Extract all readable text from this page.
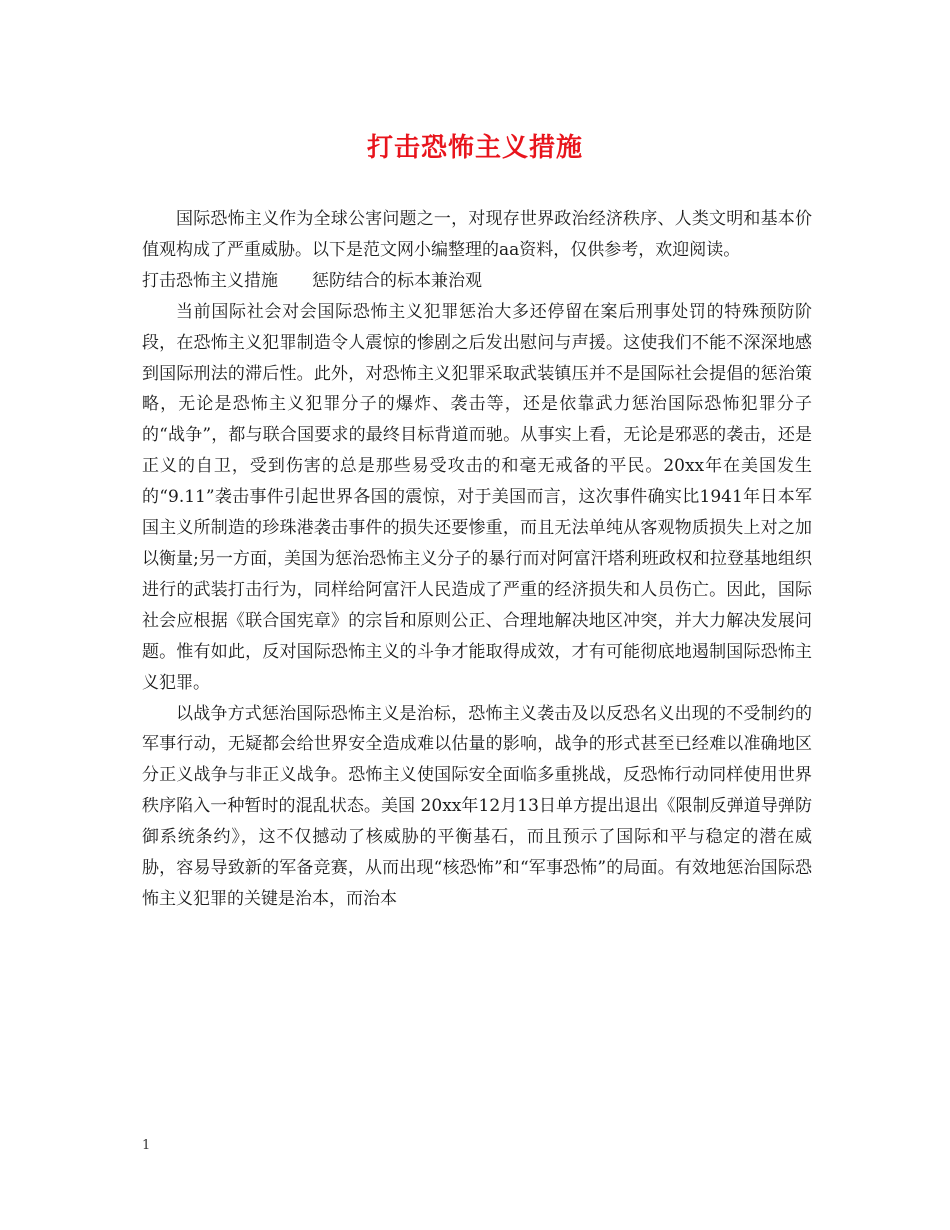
打击恐怖主义措施

国际恐怖主义作为全球公害问题之一，对现存世界政治经济秩序、人类文明和基本价值观构成了严重威胁。以下是范文网小编整理的aa资料，仅供参考，欢迎阅读。

打击恐怖主义措施　　惩防结合的标本兼治观

当前国际社会对会国际恐怖主义犯罪惩治大多还停留在案后刑事处罚的特殊预防阶段，在恐怖主义犯罪制造令人震惊的惨剧之后发出慰问与声援。这使我们不能不深深地感到国际刑法的滞后性。此外，对恐怖主义犯罪采取武装镇压并不是国际社会提倡的惩治策略，无论是恐怖主义犯罪分子的爆炸、袭击等，还是依靠武力惩治国际恐怖犯罪分子的“战争”，都与联合国要求的最终目标背道而驰。从事实上看，无论是邪恶的袭击，还是正义的自卫，受到伤害的总是那些易受攻击的和毫无戒备的平民。20xx年在美国发生的“9.11”袭击事件引起世界各国的震惊，对于美国而言，这次事件确实比1941年日本军国主义所制造的珍珠港袭击事件的损失还要惨重，而且无法单纯从客观物质损失上对之加以衡量;另一方面，美国为惩治恐怖主义分子的暴行而对阿富汗塔利班政权和拉登基地组织进行的武装打击行为，同样给阿富汗人民造成了严重的经济损失和人员伤亡。因此，国际社会应根据《联合国宪章》的宗旨和原则公正、合理地解决地区冲突，并大力解决发展问题。惟有如此，反对国际恐怖主义的斗争才能取得成效，才有可能彻底地遏制国际恐怖主义犯罪。

以战争方式惩治国际恐怖主义是治标，恐怖主义袭击及以反恐名义出现的不受制约的军事行动，无疑都会给世界安全造成难以估量的影响，战争的形式甚至已经难以准确地区分正义战争与非正义战争。恐怖主义使国际安全面临多重挑战，反恐怖行动同样使用世界秩序陷入一种暂时的混乱状态。美国 20xx年12月13日单方提出退出《限制反弹道导弹防御系统条约》，这不仅撼动了核威胁的平衡基石，而且预示了国际和平与稳定的潜在威胁，容易导致新的军备竞赛，从而出现“核恐怖”和“军事恐怖”的局面。有效地惩治国际恐怖主义犯罪的关键是治本，而治本

1
